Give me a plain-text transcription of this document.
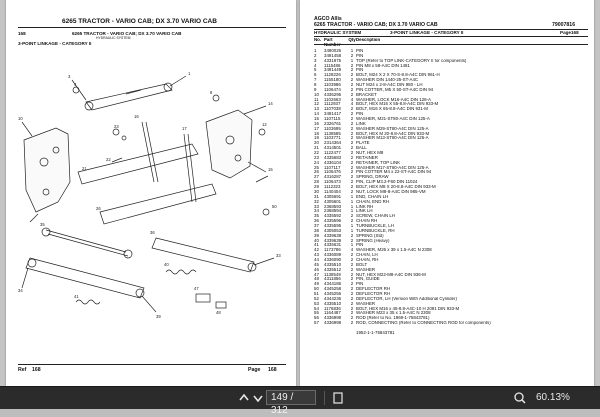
6265 TRACTOR - VARIO CAB; DX 3.70 VARIO CAB
168	6265 TRACTOR - VARIO CAB; DX 3.70 VARIO CAB
HYDRAULIC SYSTEM
3-POINT LINKAGE - CATEGORY II
3
1
14
10
15
33
34
39
22
16
17
21
26
35
36
40
41
47
48
12
50
8
4
23
Ref 168	Page 168
AGCO Allis
6265 TRACTOR - VARIO CAB; DX 3.70 VARIO CAB	79007816
HYDRAULIC SYSTEM	3-POINT LINKAGE - CATEGORY II	Page168
No. Part	Qty Description
1	3490026	1 PIN
2	3491458	2 PIN
3	4331975	1 TOP (Refer to TOP LINK-CATEGORY II for components)
4	1115486	2 PIN M8 x 58-A4C DIN 1481
5	3491449	2 PIN
6	1128226	2 BOLT, M24 X 2 X 70-S-8.8-A4C DIN 961-H
7	1155180	2 WASHER DIN 1440-25-ST-A4C
8	1103986	2 NUT M24 x 2-8-A4C DIN 980 - LH
9	1106474	2 PIN COTTER, M5 X 50-ST-A4C DIN 94
10	4336295	2 BRACKET
11	1102663	4 WASHER, LOCK M16-A4C DIN 128-A
12	1112937	4 BOLT, HEX M16 X 55-8.8-A4C DIN 933-M
13	1107038	2 BOLT, M16 X 65-8.8-A4C DIN 931-M
14	3491417	2 PIN
15	1107115	2 WASHER, M21-ST80-A4C DIN 125-A
16	2326761	2 LINK
17	1103695	2 WASHER M29-ST80-A4C DIN 125-A
18	1138585	2 BOLT, HEX M 20-8.8-A4C DIN 933-M
19	1103771	2 WASHER M13-ST80-A4C DIN 125-A
20	2314364	2 PLATE
21	4314501	2 BALL
22	1122477	2 NUT, HEX M8
23	4335683	2 RETAINER
24	4336104	2 RETAINER, TOP LINK
25	1107117	2 WASHER M17-ST80-A4C DIN 125-A
26	1106476	2 PIN COTTER M4 x 22-ST-A4C DIN 94
27	4316287	2 SPRING, DRAW
28	1106473	2 PIN, CLIP M3.2-F60 DIN 11024
29	1112323	2 BOLT, HEX M8 X 20-8.8-A4C DIN 933-M
30	1140404	2 NUT, LOCK M8-8-A4C DIN 985-VM
31	4305691	1 END, CHAIN LH
32	4305601	1 CHAIN, END RH
33	2368593	1 LINK RH
34	2368594	1 LINK LH
35	4335592	2 SCREW, CHAIN LH
36	4335596	2 CHAIN RH
37	4335595	1 TURNBUCKLE, LH
38	4305053	1 TURNBUCKLE, RH
39	4339638	2 SPRING (Std)
40	4339639	2 SPRING (Heavy)
41	4335631	1 PIN
42	1173786	4 WASHER, M26 x 39 x 1.5-A4C N 2308
43	4336089	2 CHAIN, LH
44	4336090	2 CHAIN, RH
45	4335510	2 BOLT
46	4335512	2 WASHER
47	1138549	2 NUT, HEX M22-M8-A4C DIN 936-M
48	4311856	2 PIN, GUIDE
49	4344186	2 PIN
50	4345258	2 DEFLECTOR RH
51	4345256	2 DEFLECTOR RH
52	4344236	2 DEFLECTOR, LH (Version With Additional Cylinder)
53	4335510	2 WASHER
54	1176836	2 BOLT, HEX M16 x 45-8.8-A4C-10 H 2091 DIN 933-M
55	1164487	2 WASHER M23 x 35 x 1.5-A4C N 2308
56	4336998	2 ROD (Refer to No. 1969-1-75843781)
57	4336998	2 ROD, CONNECTING (Refer to CONNECTING ROD for components)
1952-1-1-75843781
149 / 312
60.13%
